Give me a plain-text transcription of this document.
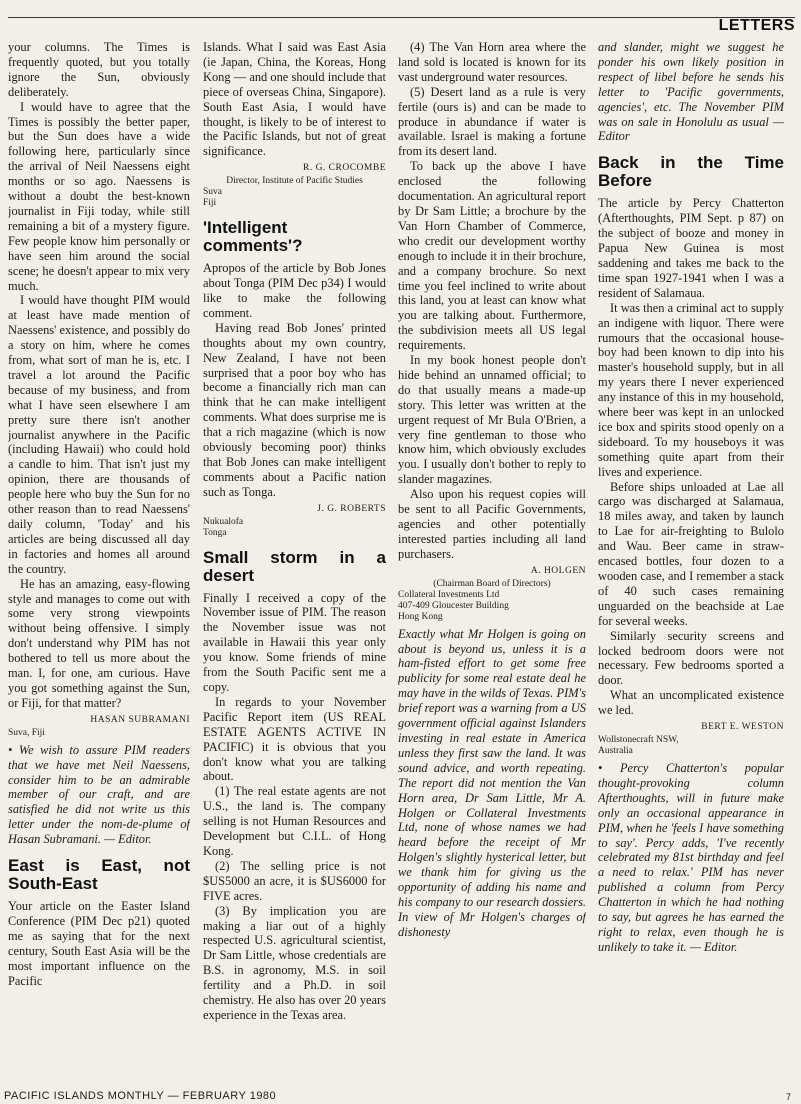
LETTERS

your columns. The Times is frequently quoted, but you totally ignore the Sun, obviously deliberately.

I would have to agree that the Times is possibly the better paper, but the Sun does have a wide following here, particularly since the arrival of Neil Naessens eight months or so ago. Naessens is without a doubt the best-known journalist in Fiji today, while still remaining a bit of a mystery figure. Few people know him personally or have seen him around the social scene; he doesn't appear to mix very much.

I would have thought PIM would at least have made mention of Naessens' existence, and possibly do a story on him, where he comes from, what sort of man he is, etc. I travel a lot around the Pacific because of my business, and from what I have seen elsewhere I am pretty sure there isn't another journalist anywhere in the Pacific (including Hawaii) who could hold a candle to him. That isn't just my opinion, there are thousands of people here who buy the Sun for no other reason than to read Naessens' daily column, 'Today' and his articles are being discussed all day in factories and homes all around the country.

He has an amazing, easy-flowing style and manages to come out with some very strong viewpoints without being offensive. I simply don't understand why PIM has not bothered to tell us more about the man. I, for one, am curious. Have you got something against the Sun, or Fiji, for that matter?

HASAN SUBRAMANI
Suva, Fiji

• We wish to assure PIM readers that we have met Neil Naessens, consider him to be an admirable member of our craft, and are satisfied he did not write us this letter under the nom-de-plume of Hasan Subramani. — Editor.

East is East, not South-East

Your article on the Easter Island Conference (PIM Dec p21) quoted me as saying that for the next century, South East Asia will be the most important influence on the Pacific

Islands. What I said was East Asia (ie Japan, China, the Koreas, Hong Kong — and one should include that piece of overseas China, Singapore). South East Asia, I would have thought, is likely to be of interest to the Pacific Islands, but not of great significance.

R. G. CROCOMBE
Director, Institute of Pacific Studies
Suva
Fiji
'Intelligent comments'?

Apropos of the article by Bob Jones about Tonga (PIM Dec p34) I would like to make the following comment.

Having read Bob Jones' printed thoughts about my own country, New Zealand, I have not been surprised that a poor boy who has become a financially rich man can think that he can make intelligent comments. What does surprise me is that a rich magazine (which is now obviously becoming poor) thinks that Bob Jones can make intelligent comments about a Pacific nation such as Tonga.

J. G. ROBERTS
Nukualofa
Tonga
Small storm in a desert

Finally I received a copy of the November issue of PIM. The reason the November issue was not available in Hawaii this year only you know. Some friends of mine from the South Pacific sent me a copy.

In regards to your November Pacific Report item (US REAL ESTATE AGENTS ACTIVE IN PACIFIC) it is obvious that you don't know what you are talking about.

(1) The real estate agents are not U.S., the land is. The company selling is not Human Resources and Development but C.I.L. of Hong Kong.

(2) The selling price is not $US5000 an acre, it is $US6000 for FIVE acres.

(3) By implication you are making a liar out of a highly respected U.S. agricultural scientist, Dr Sam Little, whose credentials are B.S. in agronomy, M.S. in soil fertility and a Ph.D. in soil chemistry. He also has over 20 years experience in the Texas area.

(4) The Van Horn area where the land sold is located is known for its vast underground water resources.

(5) Desert land as a rule is very fertile (ours is) and can be made to produce in abundance if water is available. Israel is making a fortune from its desert land.

To back up the above I have enclosed the following documentation. An agricultural report by Dr Sam Little; a brochure by the Van Horn Chamber of Commerce, who credit our development worthy enough to include it in their brochure, and a company brochure. So next time you feel inclined to write about this land, you at least can know what you are talking about. Furthermore, the subdivision meets all US legal requirements.

In my book honest people don't hide behind an unnamed official; to do that usually means a made-up story. This letter was written at the urgent request of Mr Bula O'Brien, a very fine gentleman to those who know him, which obviously excludes you. I usually don't bother to reply to slander magazines.

Also upon his request copies will be sent to all Pacific Governments, agencies and other potentially interested parties including all land purchasers.

A. HOLGEN
(Chairman Board of Directors)
Collateral Investments Ltd
407-409 Gloucester Building
Hong Kong

Exactly what Mr Holgen is going on about is beyond us, unless it is a ham-fisted effort to get some free publicity for some real estate deal he may have in the wilds of Texas. PIM's brief report was a warning from a US government official against Islanders investing in real estate in America unless they first saw the land. It was sound advice, and worth repeating. The report did not mention the Van Horn area, Dr Sam Little, Mr A. Holgen or Collateral Investments Ltd, none of whose names we had heard before the receipt of Mr Holgen's slightly hysterical letter, but we thank him for giving us the opportunity of adding his name and his company to our research dossiers. In view of Mr Holgen's charges of dishonesty

and slander, might we suggest he ponder his own likely position in respect of libel before he sends his letter to 'Pacific governments, agencies', etc. The November PIM was on sale in Honolulu as usual — Editor

Back in the Time Before

The article by Percy Chatterton (Afterthoughts, PIM Sept. p 87) on the subject of booze and money in Papua New Guinea is most saddening and takes me back to the time span 1927-1941 when I was a resident of Salamaua.

It was then a criminal act to supply an indigene with liquor. There were rumours that the occasional house-boy had been known to dip into his master's household supply, but in all my years there I never experienced any instance of this in my household, where beer was kept in an unlocked ice box and spirits stood openly on a sideboard. To my houseboys it was something quite apart from their lives and experience.

Before ships unloaded at Lae all cargo was discharged at Salamaua, 18 miles away, and taken by launch to Lae for air-freighting to Bulolo and Wau. Beer came in straw-encased bottles, four dozen to a wooden case, and I remember a stack of 40 such cases remaining unguarded on the beachside at Lae for several weeks.

Similarly security screens and locked bedroom doors were not necessary. Few bedrooms sported a door.

What an uncomplicated existence we led.

BERT E. WESTON
Wollstonecraft NSW,
Australia

• Percy Chatterton's popular thought-provoking column Afterthoughts, will in future make only an occasional appearance in PIM, when he 'feels I have something to say'. Percy adds, 'I've recently celebrated my 81st birthday and feel a need to relax.' PIM has never published a column from Percy Chatterton in which he had nothing to say, but agrees he has earned the right to relax, even though he is unlikely to take it. — Editor.

PACIFIC ISLANDS MONTHLY — FEBRUARY 1980	7
